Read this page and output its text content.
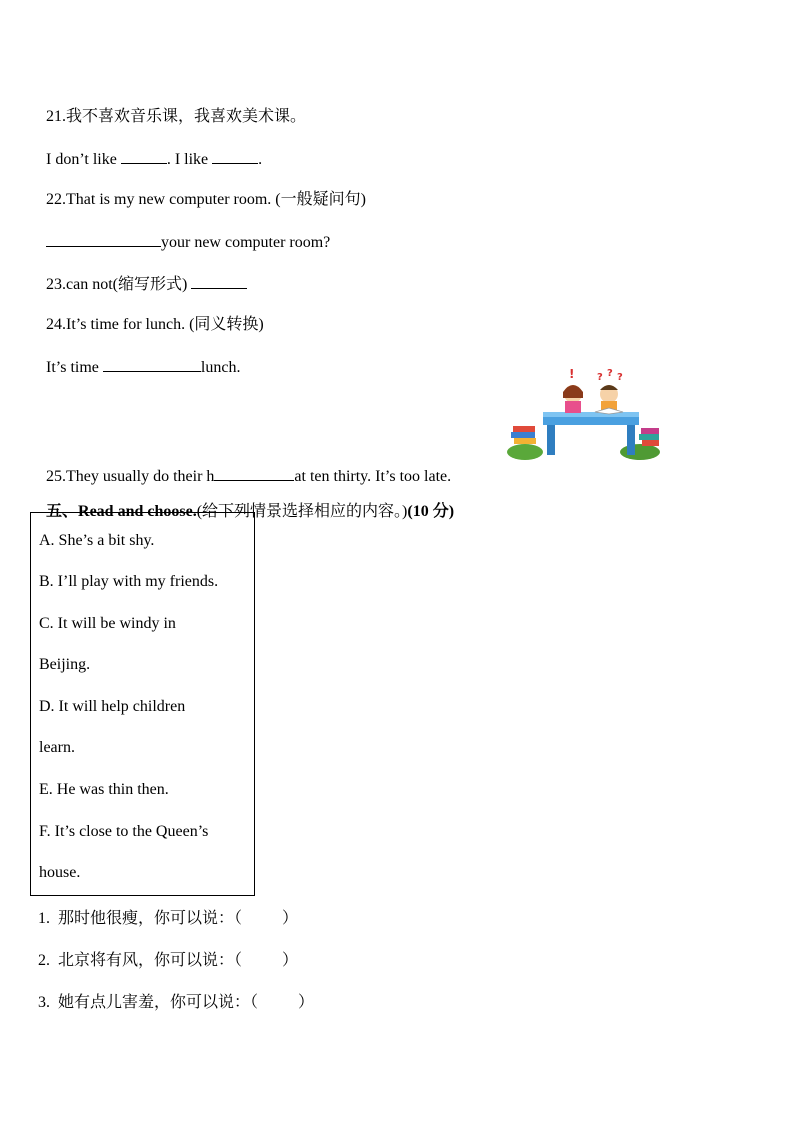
21.我不喜欢音乐课，我喜欢美术课。

I don’t like	. I like	.

22.That is my new computer room. (一般疑问句)

your new computer room?

23.can not(缩写形式)

24.It’s time for lunch. (同义转换)

It’s time	lunch.	! ? ? ?

25.They usually do their h	at ten thirty. It’s too late.

五、Read and choose.(给下列情景选择相应的内容。)(10 分)

A. She’s a bit shy.
B. I’ll play with my friends.
C. It will be windy in
Beijing.
D. It will help children
learn.
E. He was thin then.
F. It’s close to the Queen’s
house.
1.  那时他很瘦，你可以说：（          ）
2.  北京将有风，你可以说：（          ）
3.  她有点儿害羞，你可以说：（          ）
